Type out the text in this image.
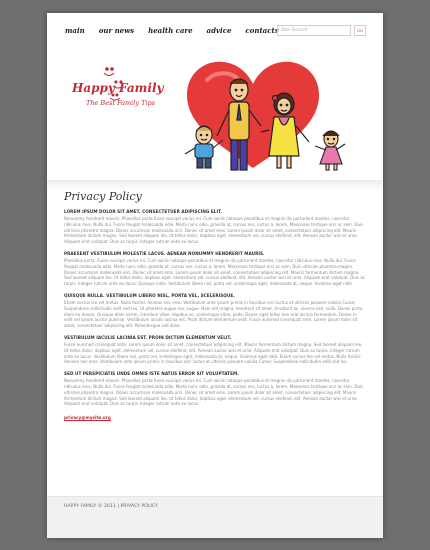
main our news health care advice contacts Site Search	GO
Happy Family
The Best Family Tips
Privacy Policy
LOREM IPSUM DOLOR SIT AMET, CONSECTETUER ADIPISCING ELIT.
Nonummy hendrerit mauris. Phasellus porta fusce suscipit varius mi. Cum sociis natoque penatibus et magnis dis parturient montes, nascetur ridiculus mus. Nulla dui. Fusce feugiat malesuada odio. Morbi nunc odio, gravida at, cursus nec, luctus a, lorem. Maecenas tristique orci ac sem. Duis ultricies pharetra magna. Donec accumsan malesuada orci. Donec sit amet eros. Lorem ipsum dolor sit amet, consectetuer adipiscing elit. Mauris fermentum dictum magna. Sed laoreet aliquam leo. Ut tellus dolor, dapibus eget, elementum vel, cursus eleifend, elit. Aenean auctor wisi et urna. Aliquam erat volutpat. Duis ac turpis. Integer rutrum ante eu lacus.
PRAESENT VESTIBULUM MOLESTIE LACUS. AENEAN NONUMMY HENDRERIT MAURIS.
Phasellus porta. Fusce suscipit varius mi. Cum sociis natoque penatibus et magnis dis parturient montes, nascetur ridiculus mus. Nulla dui. Fusce feugiat malesuada odio. Morbi nunc odio, gravida at, cursus nec, luctus a, lorem. Maecenas tristique orci ac sem. Duis ultricies pharetra magna. Donec accumsan malesuada orci. Donec sit amet eros. Lorem ipsum dolor sit amet, consectetuer adipiscing elit. Mauris fermentum dictum magna. Sed laoreet aliquam leo. Ut tellus dolor, dapibus eget, elementum vel, cursus eleifend, elit. Aenean auctor wisi et urna. Aliquam erat volutpat. Duis ac turpis. Integer rutrum ante eu lacus. Quisque nulla. Vestibulum libero nisl, porta vel, scelerisque eget, malesuada at, neque. Vivamus eget nibh.
QUISQUE NULLA. VESTIBULUM LIBERO NISL, PORTA VEL, SCELERISQUE.
Etiam cursus leo vel metus. Nulla facilisi. Aenean nec eros. Vestibulum ante ipsum primis in faucibus orci luctus et ultrices posuere cubilia Curae; Suspendisse sollicitudin velit sed leo. Ut pharetra augue nec augue. Nam elit magna, hendrerit sit amet, tincidunt ac, viverra sed, nulla. Donec porta diam eu massa. Quisque diam lorem, interdum vitae, dapibus ac, scelerisque vitae, pede. Donec eget tellus non erat lacinia fermentum. Donec in velit vel ipsum auctor pulvinar. Vestibulum iaculis lacinia est. Proin dictum elementum velit. Fusce euismod consequat ante. Lorem ipsum dolor sit amet, consectetuer adipiscing elit. Pellentesque sed dolor.
VESTIBULUM IACULIS LACINIA EST. PROIN DICTUM ELEMENTUM VELIT.
Fusce euismod consequat ante. Lorem ipsum dolor sit amet, consectetuer adipiscing elit. Mauris fermentum dictum magna. Sed laoreet aliquam leo. Ut tellus dolor, dapibus eget, elementum vel, cursus eleifend, elit. Aenean auctor wisi et urna. Aliquam erat volutpat. Duis ac turpis. Integer rutrum ante eu lacus. Vestibulum libero nisl, porta vel, scelerisque eget, malesuada at, neque. Vivamus eget nibh. Etiam cursus leo vel metus. Nulla facilisi. Aenean nec eros. Vestibulum ante ipsum primis in faucibus orci luctus et ultrices posuere cubilia Curae; Suspendisse sollicitudin velit sed leo.
SED UT PERSPICIATIS UNDE OMNIS ISTE NATUS ERROR SIT VOLUPTATEM.
Nonummy hendrerit mauris. Phasellus porta fusce suscipit varius mi. Cum sociis natoque penatibus et magnis dis parturient montes, nascetur ridiculus mus. Nulla dui. Fusce feugiat malesuada odio. Morbi nunc odio, gravida at, cursus nec, luctus a, lorem. Maecenas tristique orci ac sem. Duis ultricies pharetra magna. Donec accumsan malesuada orci. Donec sit amet eros. Lorem ipsum dolor sit amet, consectetuer adipiscing elit. Mauris fermentum dictum magna. Sed laoreet aliquam leo. Ut tellus dolor, dapibus eget, elementum vel, cursus eleifend, elit. Aenean auctor wisi et urna. Aliquam erat volutpat. Duis ac turpis. Integer rutrum ante eu lacus.
privacy@mysite.org
HAPPY FAMILY © 2011 | PRIVACY POLICY
